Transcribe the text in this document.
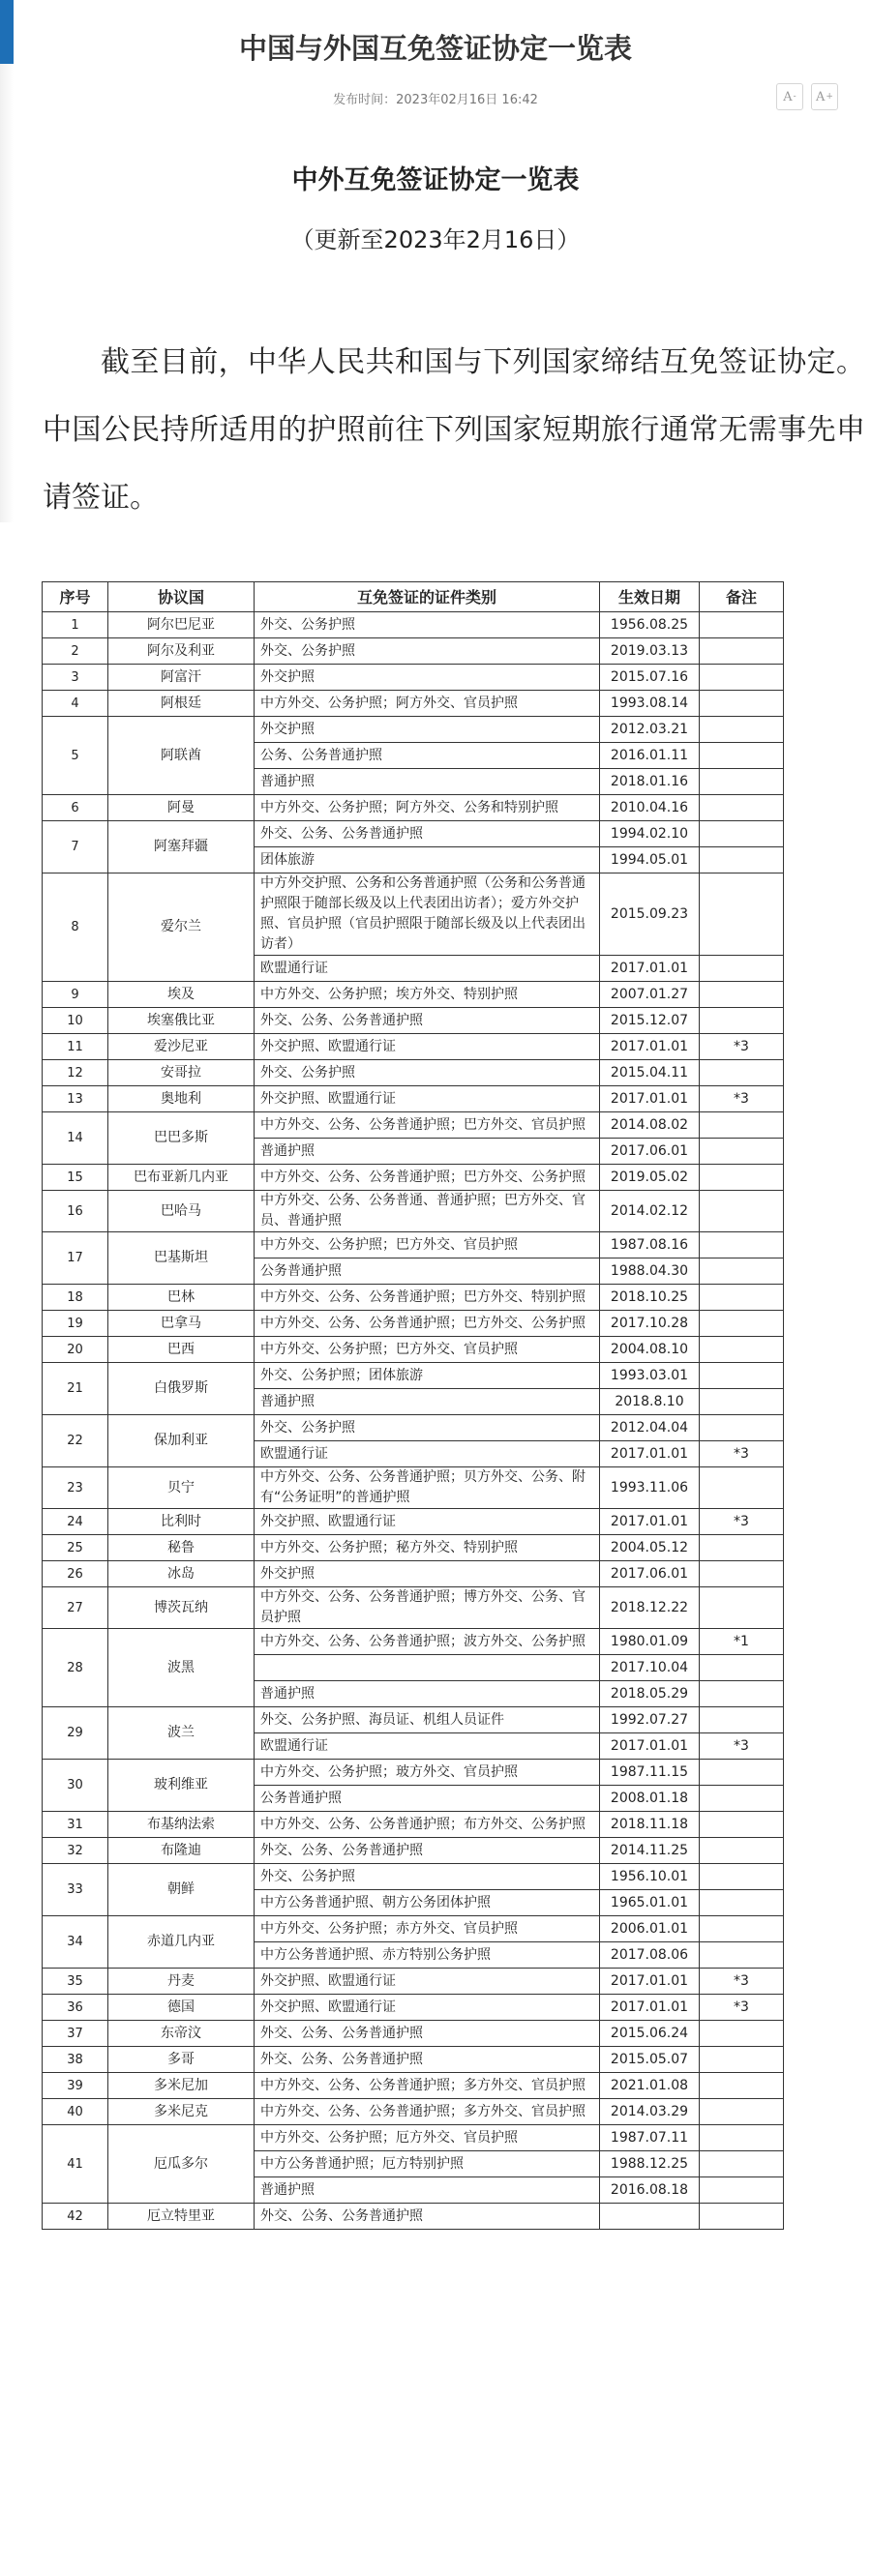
中国与外国互免签证协定一览表
发布时间：2023年02月16日 16:42	A - A +
中外互免签证协定一览表
（更新至2023年2月16日）
截至目前，中华人民共和国与下列国家缔结互免签证协定。中国公民持所适用的护照前往下列国家短期旅行通常无需事先申请签证。
序号	协议国	互免签证的证件类别	生效日期	备注
1	阿尔巴尼亚	外交、公务护照	1956.08.25	
2	阿尔及利亚	外交、公务护照	2019.03.13	
3	阿富汗	外交护照	2015.07.16	
4	阿根廷	中方外交、公务护照；阿方外交、官员护照	1993.08.14	
5	阿联酋	外交护照	2012.03.21	
		公务、公务普通护照	2016.01.11	
		普通护照	2018.01.16	
6	阿曼	中方外交、公务护照；阿方外交、公务和特别护照	2010.04.16	
7	阿塞拜疆	外交、公务、公务普通护照	1994.02.10	
		团体旅游	1994.05.01	
8	爱尔兰	中方外交护照、公务和公务普通护照（公务和公务普通护照限于随部长级及以上代表团出访者）；爱方外交护照、官员护照（官员护照限于随部长级及以上代表团出访者）	2015.09.23	
		欧盟通行证	2017.01.01	
9	埃及	中方外交、公务护照；埃方外交、特别护照	2007.01.27	
10	埃塞俄比亚	外交、公务、公务普通护照	2015.12.07	
11	爱沙尼亚	外交护照、欧盟通行证	2017.01.01	*3
12	安哥拉	外交、公务护照	2015.04.11	
13	奥地利	外交护照、欧盟通行证	2017.01.01	*3
14	巴巴多斯	中方外交、公务、公务普通护照；巴方外交、官员护照	2014.08.02	
		普通护照	2017.06.01	
15	巴布亚新几内亚	中方外交、公务、公务普通护照；巴方外交、公务护照	2019.05.02	
16	巴哈马	中方外交、公务、公务普通、普通护照；巴方外交、官员、普通护照	2014.02.12	
17	巴基斯坦	中方外交、公务护照；巴方外交、官员护照	1987.08.16	
		公务普通护照	1988.04.30	
18	巴林	中方外交、公务、公务普通护照；巴方外交、特别护照	2018.10.25	
19	巴拿马	中方外交、公务、公务普通护照；巴方外交、公务护照	2017.10.28	
20	巴西	中方外交、公务护照；巴方外交、官员护照	2004.08.10	
21	白俄罗斯	外交、公务护照；团体旅游	1993.03.01	
		普通护照	2018.8.10	
22	保加利亚	外交、公务护照	2012.04.04	
		欧盟通行证	2017.01.01	*3
23	贝宁	中方外交、公务、公务普通护照；贝方外交、公务、附有“公务证明”的普通护照	1993.11.06	
24	比利时	外交护照、欧盟通行证	2017.01.01	*3
25	秘鲁	中方外交、公务护照；秘方外交、特别护照	2004.05.12	
26	冰岛	外交护照	2017.06.01	
27	博茨瓦纳	中方外交、公务、公务普通护照；博方外交、公务、官员护照	2018.12.22	
28	波黑	中方外交、公务、公务普通护照；波方外交、公务护照	1980.01.09	*1
			2017.10.04	
		普通护照	2018.05.29	
29	波兰	外交、公务护照、海员证、机组人员证件	1992.07.27	
		欧盟通行证	2017.01.01	*3
30	玻利维亚	中方外交、公务护照；玻方外交、官员护照	1987.11.15	
		公务普通护照	2008.01.18	
31	布基纳法索	中方外交、公务、公务普通护照；布方外交、公务护照	2018.11.18	
32	布隆迪	外交、公务、公务普通护照	2014.11.25	
33	朝鲜	外交、公务护照	1956.10.01	
		中方公务普通护照、朝方公务团体护照	1965.01.01	
34	赤道几内亚	中方外交、公务护照；赤方外交、官员护照	2006.01.01	
		中方公务普通护照、赤方特别公务护照	2017.08.06	
35	丹麦	外交护照、欧盟通行证	2017.01.01	*3
36	德国	外交护照、欧盟通行证	2017.01.01	*3
37	东帝汶	外交、公务、公务普通护照	2015.06.24	
38	多哥	外交、公务、公务普通护照	2015.05.07	
39	多米尼加	中方外交、公务、公务普通护照；多方外交、官员护照	2021.01.08	
40	多米尼克	中方外交、公务、公务普通护照；多方外交、官员护照	2014.03.29	
41	厄瓜多尔	中方外交、公务护照；厄方外交、官员护照	1987.07.11	
		中方公务普通护照；厄方特别护照	1988.12.25	
		普通护照	2016.08.18	
42	厄立特里亚	外交、公务、公务普通护照		
